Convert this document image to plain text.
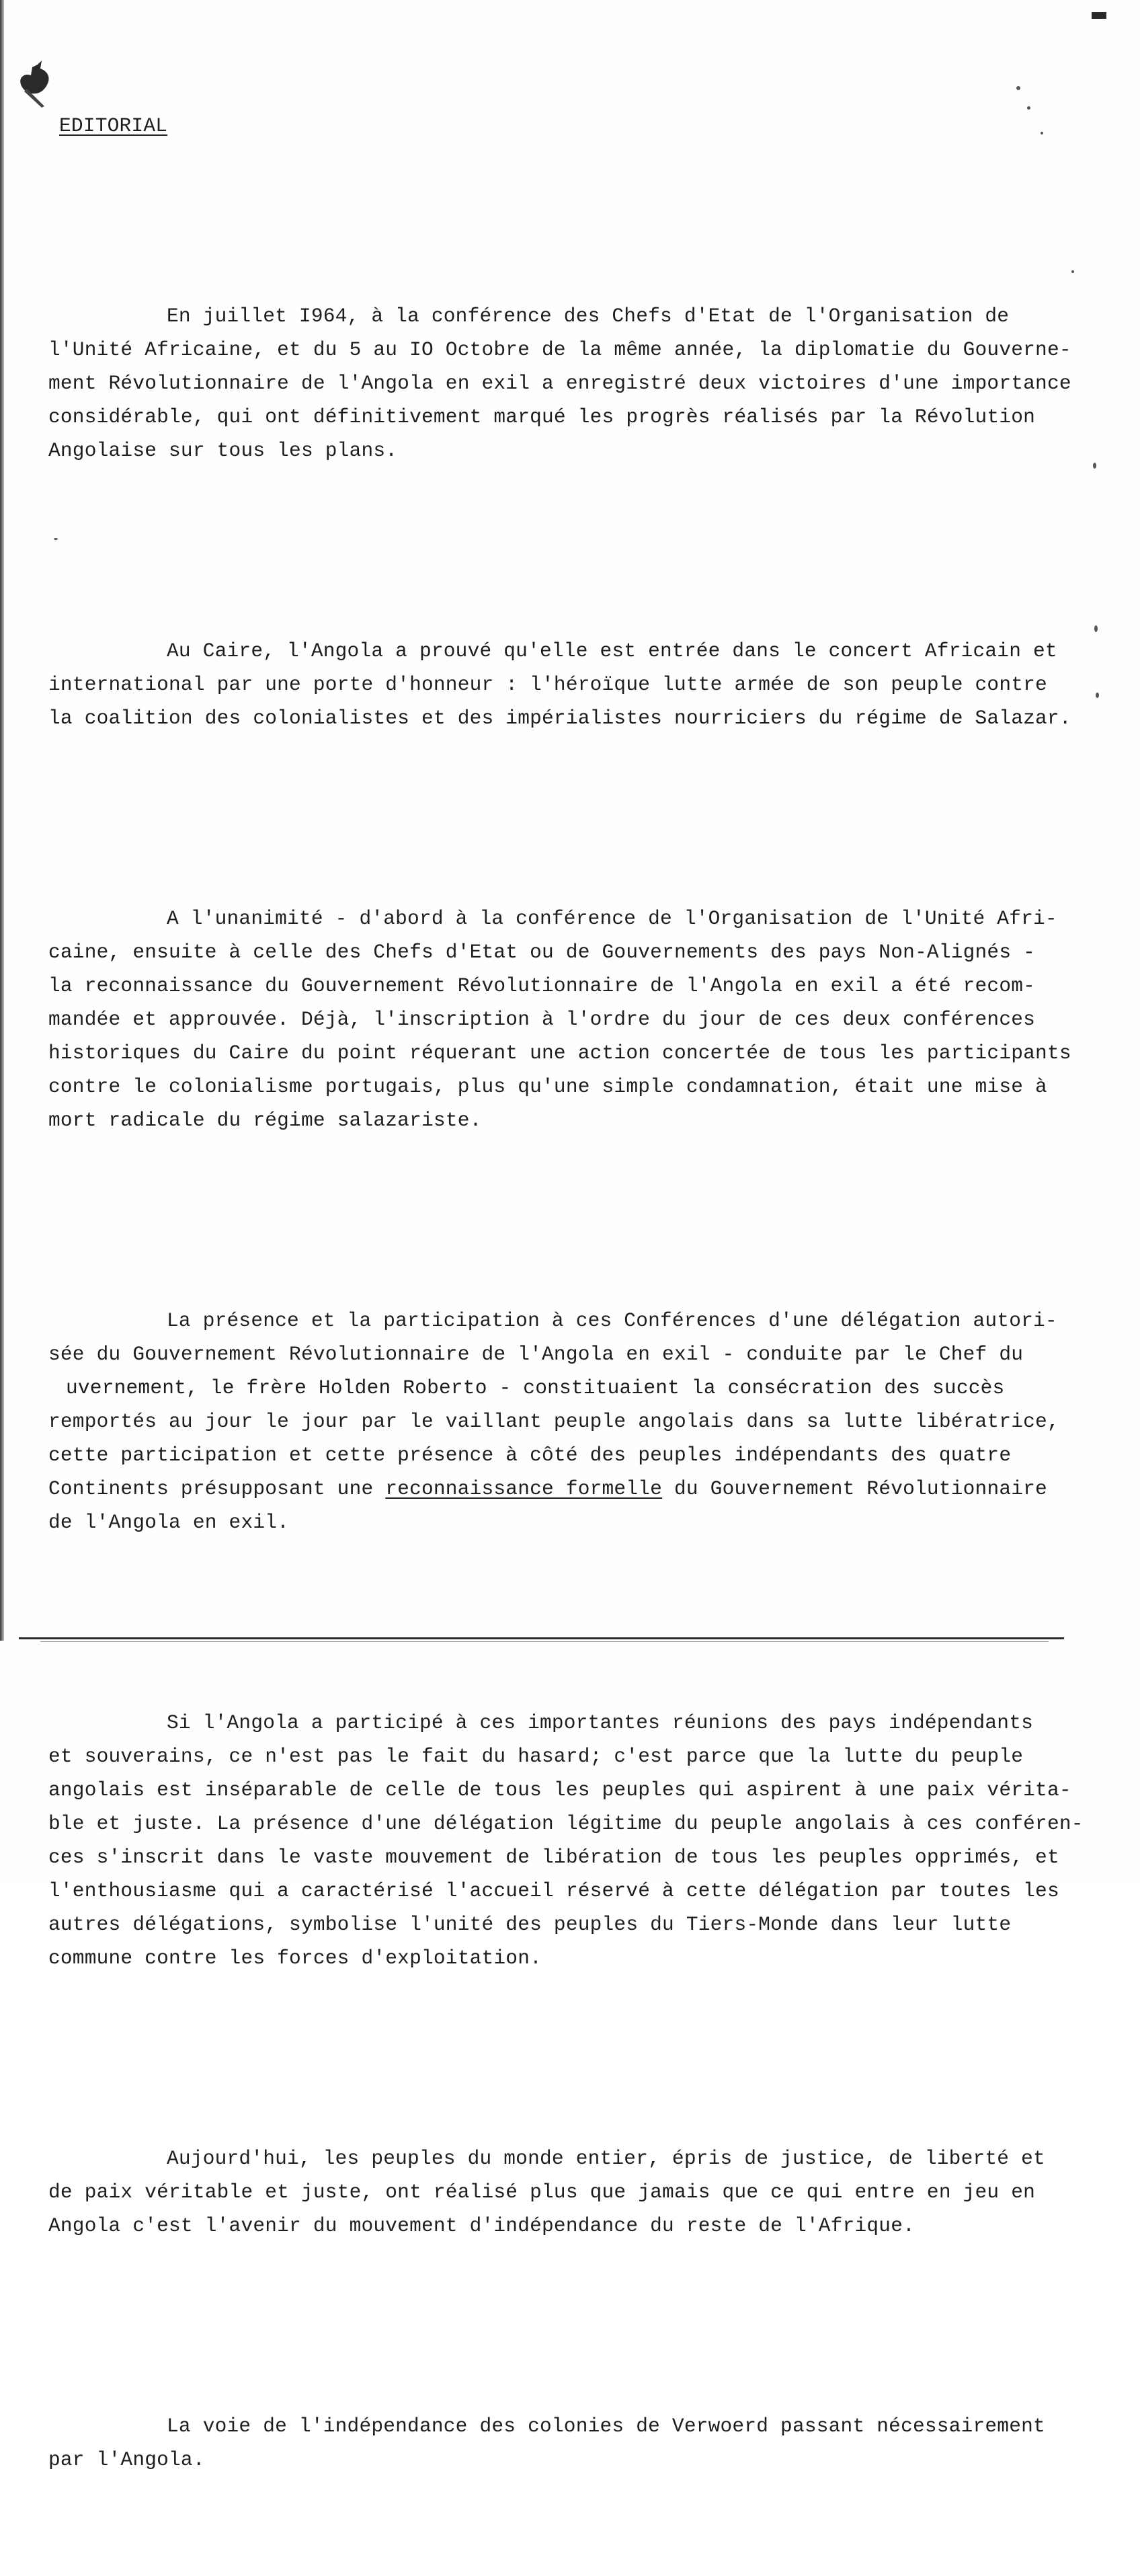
EDITORIAL

En juillet I964, à la conférence des Chefs d'Etat de l'Organisation de
l'Unité Africaine, et du 5 au IO Octobre de la même année, la diplomatie du Gouverne-
ment Révolutionnaire de l'Angola en exil a enregistré deux victoires d'une importance
considérable, qui ont définitivement marqué les progrès réalisés par la Révolution
Angolaise sur tous les plans.

Au Caire, l'Angola a prouvé qu'elle est entrée dans le concert Africain et
international par une porte d'honneur : l'héroïque lutte armée de son peuple contre
la coalition des colonialistes et des impérialistes nourriciers du régime de Salazar.

A l'unanimité - d'abord à la conférence de l'Organisation de l'Unité Afri-
caine, ensuite à celle des Chefs d'Etat ou de Gouvernements des pays Non-Alignés -
la reconnaissance du Gouvernement Révolutionnaire de l'Angola en exil a été recom-
mandée et approuvée. Déjà, l'inscription à l'ordre du jour de ces deux conférences
historiques du Caire du point réquerant une action concertée de tous les participants
contre le colonialisme portugais, plus qu'une simple condamnation, était une mise à
mort radicale du régime salazariste.

La présence et la participation à ces Conférences d'une délégation autori-
sée du Gouvernement Révolutionnaire de l'Angola en exil - conduite par le Chef du
uvernement, le frère Holden Roberto - constituaient la consécration des succès
remportés au jour le jour par le vaillant peuple angolais dans sa lutte libératrice,
cette participation et cette présence à côté des peuples indépendants des quatre
Continents présupposant une reconnaissance formelle du Gouvernement Révolutionnaire
de l'Angola en exil.

Si l'Angola a participé à ces importantes réunions des pays indépendants
et souverains, ce n'est pas le fait du hasard; c'est parce que la lutte du peuple
angolais est inséparable de celle de tous les peuples qui aspirent à une paix vérita-
ble et juste. La présence d'une délégation légitime du peuple angolais à ces conféren-
ces s'inscrit dans le vaste mouvement de libération de tous les peuples opprimés, et
l'enthousiasme qui a caractérisé l'accueil réservé à cette délégation par toutes les
autres délégations, symbolise l'unité des peuples du Tiers-Monde dans leur lutte
commune contre les forces d'exploitation.

Aujourd'hui, les peuples du monde entier, épris de justice, de liberté et
de paix véritable et juste, ont réalisé plus que jamais que ce qui entre en jeu en
Angola c'est l'avenir du mouvement d'indépendance du reste de l'Afrique.

La voie de l'indépendance des colonies de Verwoerd passant nécessairement
par l'Angola.
